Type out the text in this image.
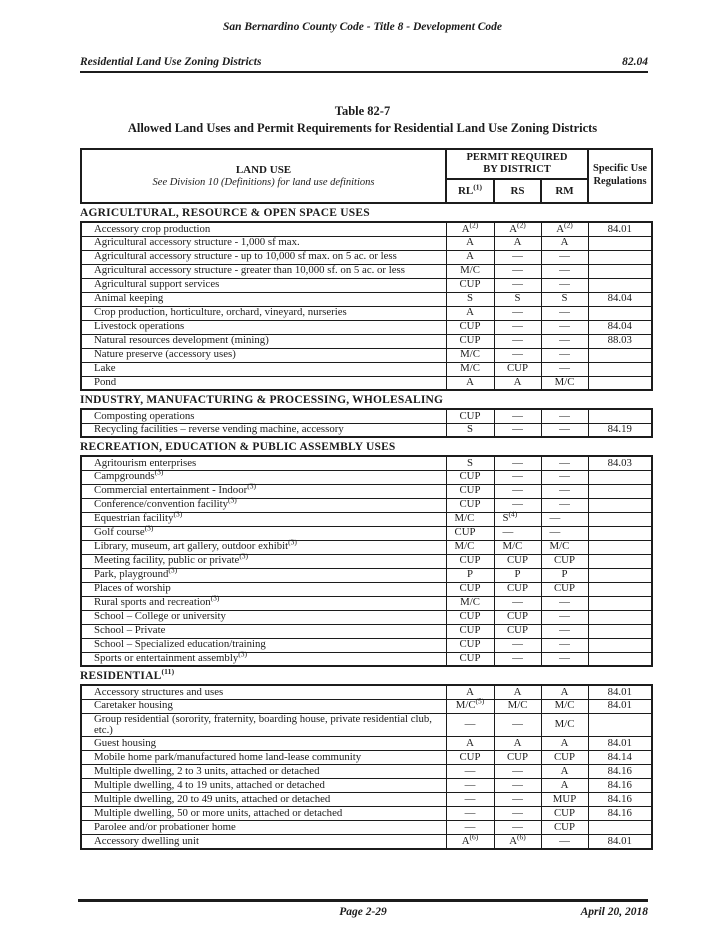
San Bernardino County Code - Title 8 - Development Code
Residential Land Use Zoning Districts	82.04
Table 82-7
Allowed Land Uses and Permit Requirements for Residential Land Use Zoning Districts
LAND USE
See Division 10 (Definitions) for land use definitions	PERMIT REQUIRED BY DISTRICT			Specific Use Regulations
	RL$^{(1)}$	RS	RM	
AGRICULTURAL, RESOURCE & OPEN SPACE USES
Accessory crop production	$A^{(2)}$	$A^{(2)}$	$A^{(2)}$	84.01
Agricultural accessory structure - 1,000 sf max.	A	A	A	
Agricultural accessory structure - up to 10,000 sf max. on 5 ac. or less	A	—	—	
Agricultural accessory structure - greater than 10,000 sf. on 5 ac. or less	M/C	—	—	
Agricultural support services	CUP	—	—	
Animal keeping	S	S	S	84.04
Crop production, horticulture, orchard, vineyard, nurseries	A	—	—	
Livestock operations	CUP	—	—	84.04
Natural resources development (mining)	CUP	—	—	88.03
Nature preserve (accessory uses)	M/C	—	—	
Lake	M/C	CUP	—	
Pond	A	A	M/C	
INDUSTRY, MANUFACTURING & PROCESSING, WHOLESALING
Composting operations	CUP	—	—	
Recycling facilities – reverse vending machine, accessory	S	—	—	84.19
RECREATION, EDUCATION & PUBLIC ASSEMBLY USES
Agritourism enterprises	S	—	—	84.03
Campgrounds$^{(3)}$	CUP	—	—	
Commercial entertainment - Indoor$^{(3)}$	CUP	—	—	
Conference/convention facility$^{(3)}$	CUP	—	—	
Equestrian facility$^{(3)}$	M/C	$S^{(4)}$	—	
Golf course$^{(3)}$	CUP	—	—	
Library, museum, art gallery, outdoor exhibit$^{(3)}$	M/C	M/C	M/C	
Meeting facility, public or private$^{(3)}$	CUP	CUP	CUP	
Park, playground$^{(3)}$	P	P	P	
Places of worship	CUP	CUP	CUP	
Rural sports and recreation$^{(3)}$	M/C	—	—	
School – College or university	CUP	CUP	—	
School – Private	CUP	CUP	—	
School – Specialized education/training	CUP	—	—	
Sports or entertainment assembly$^{(3)}$	CUP	—	—	
RESIDENTIAL$^{(11)}$
Accessory structures and uses	A	A	A	84.01
Caretaker housing	$M/C^{(5)}$	M/C	M/C	84.01
Group residential (sorority, fraternity, boarding house, private residential club, etc.)	—	—	M/C	
Guest housing	A	A	A	84.01
Mobile home park/manufactured home land-lease community	CUP	CUP	CUP	84.14
Multiple dwelling, 2 to 3 units, attached or detached	—	—	A	84.16
Multiple dwelling, 4 to 19 units, attached or detached	—	—	A	84.16
Multiple dwelling, 20 to 49 units, attached or detached	—	—	MUP	84.16
Multiple dwelling, 50 or more units, attached or detached	—	—	CUP	84.16
Parolee and/or probationer home	—	—	CUP	
Accessory dwelling unit	$A^{(6)}$	$A^{(6)}$	—	84.01
Page 2-29	April 20, 2018
